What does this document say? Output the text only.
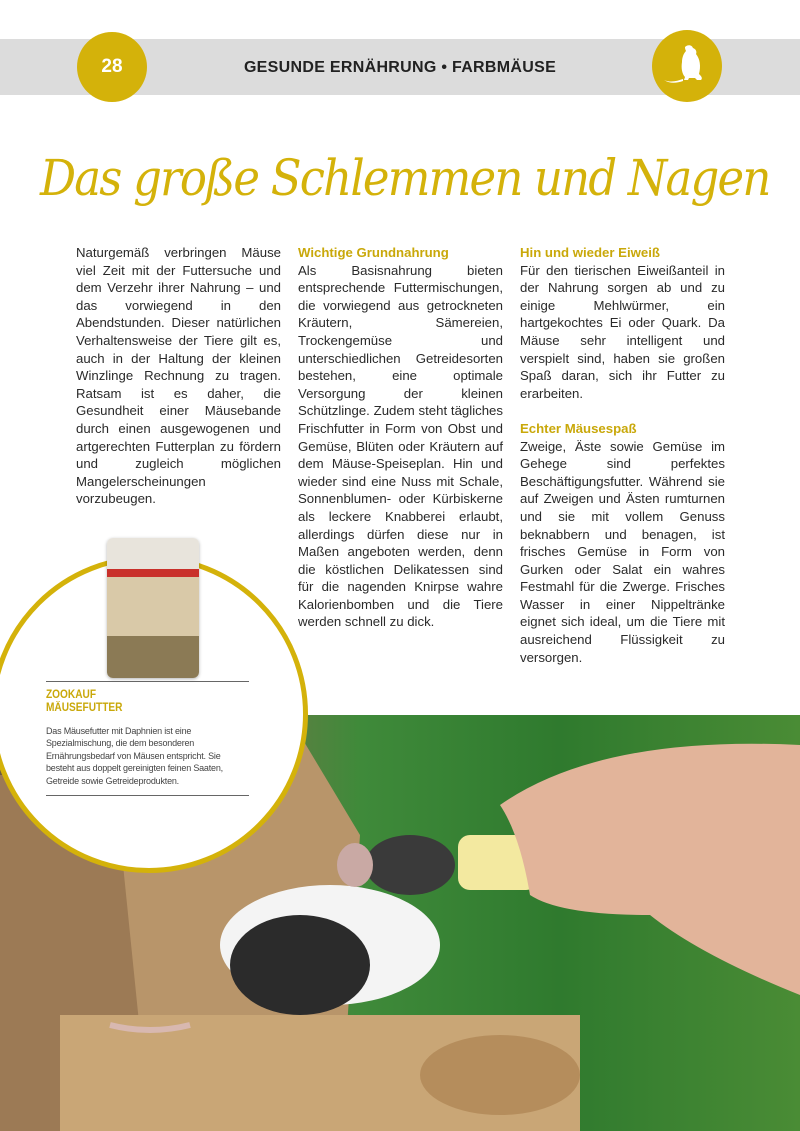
28	GESUNDE ERNÄHRUNG • FARBMÄUSE
Das große Schlemmen und Nagen

Naturgemäß verbringen Mäuse viel Zeit mit der Futtersuche und dem Verzehr ihrer Nahrung – und das vorwiegend in den Abendstunden. Dieser natürlichen Verhaltensweise der Tiere gilt es, auch in der Haltung der kleinen Winzlinge Rechnung zu tragen. Ratsam ist es daher, die Gesundheit einer Mäusebande durch einen ausgewogenen und artgerechten Futterplan zu fördern und zugleich möglichen Mangelerscheinungen vorzubeugen.

Wichtige Grundnahrung

Als Basisnahrung bieten entsprechende Futtermischungen, die vorwiegend aus getrockneten Kräutern, Sämereien, Trockengemüse und unterschiedlichen Getreidesorten bestehen, eine optimale Versorgung der kleinen Schützlinge. Zudem steht tägliches Frischfutter in Form von Obst und Gemüse, Blüten oder Kräutern auf dem Mäuse-Speiseplan. Hin und wieder sind eine Nuss mit Schale, Sonnenblumen- oder Kürbiskerne als leckere Knabberei erlaubt, allerdings dürfen diese nur in Maßen angeboten werden, denn die köstlichen Delikatessen sind für die nagenden Knirpse wahre Kalorienbomben und die Tiere werden schnell zu dick.

Hin und wieder Eiweiß

Für den tierischen Eiweißanteil in der Nahrung sorgen ab und zu einige Mehlwürmer, ein hartgekochtes Ei oder Quark. Da Mäuse sehr intelligent und verspielt sind, haben sie großen Spaß daran, sich ihr Futter zu erarbeiten.

Echter Mäusespaß

Zweige, Äste sowie Gemüse im Gehege sind perfektes Beschäftigungsfutter. Während sie auf Zweigen und Ästen rumturnen und sie mit vollem Genuss beknabbern und benagen, ist frisches Gemüse in Form von Gurken oder Salat ein wahres Festmahl für die Zwerge. Frisches Wasser in einer Nippeltränke eignet sich ideal, um die Tiere mit ausreichend Flüssigkeit zu versorgen.

ZOOKAUF
MÄUSEFUTTER

Das Mäusefutter mit Daphnien ist eine Spezialmischung, die dem besonderen Ernährungsbedarf von Mäusen entspricht. Sie besteht aus doppelt gereinigten feinen Saaten, Getreide sowie Getreideprodukten.
